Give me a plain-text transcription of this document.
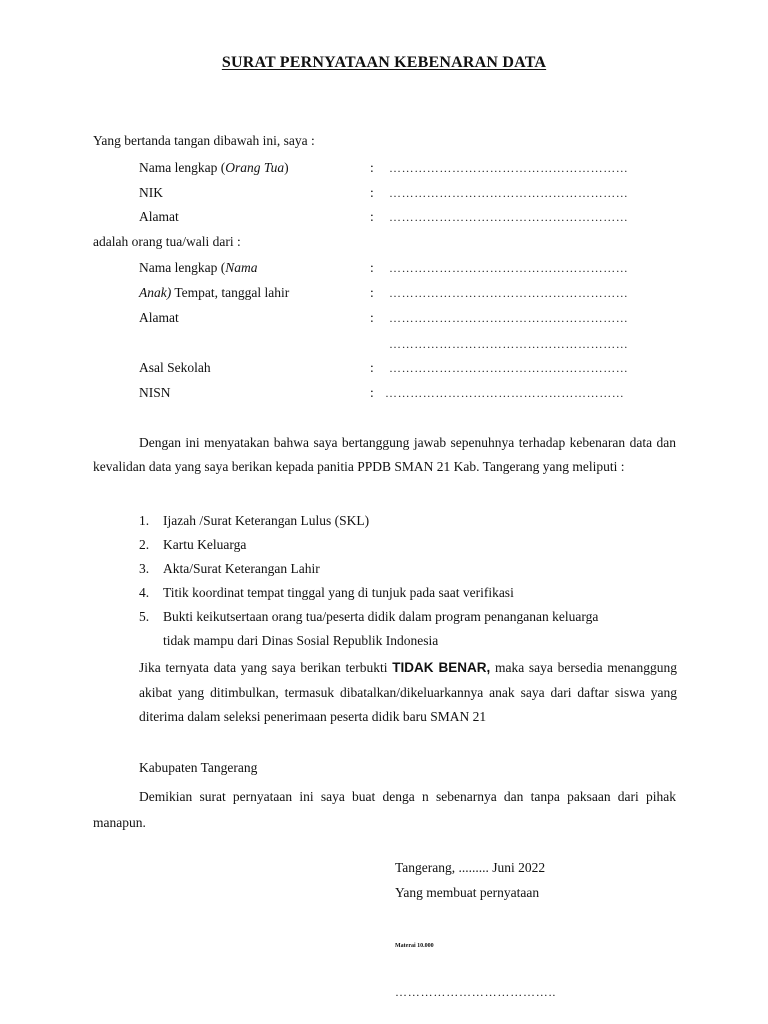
SURAT PERNYATAAN KEBENARAN DATA
Yang bertanda tangan dibawah ini, saya :
Nama lengkap (Orang Tua)	: …………………………………………………
NIK	: …………………………………………………
Alamat	: …………………………………………………
adalah orang tua/wali dari :
Nama lengkap (Nama	: …………………………………………………
Anak) Tempat, tanggal lahir	: …………………………………………………
Alamat	: …………………………………………………
…………………………………………………
Asal Sekolah	: …………………………………………………
NISN	: …………………………………………………
Dengan ini menyatakan bahwa saya bertanggung jawab sepenuhnya terhadap kebenaran data dan kevalidan data yang saya berikan kepada panitia PPDB SMAN 21 Kab. Tangerang yang meliputi :
1. Ijazah /Surat Keterangan Lulus (SKL)
2. Kartu Keluarga
3. Akta/Surat Keterangan Lahir
4. Titik koordinat tempat tinggal yang di tunjuk pada saat verifikasi
5. Bukti keikutsertaan orang tua/peserta didik dalam program penanganan keluarga
tidak mampu dari Dinas Sosial Republik Indonesia
Jika ternyata data yang saya berikan terbukti TIDAK BENAR, maka saya bersedia menanggung akibat yang ditimbulkan, termasuk dibatalkan/dikeluarkannya anak saya dari daftar siswa yang diterima dalam seleksi penerimaan peserta didik baru SMAN 21
Kabupaten Tangerang
Demikian surat pernyataan ini saya buat denga n sebenarnya dan tanpa paksaan dari pihak manapun.
Tangerang, ......... Juni 2022
Yang membuat pernyataan
Materai 10.000
………………………………..
